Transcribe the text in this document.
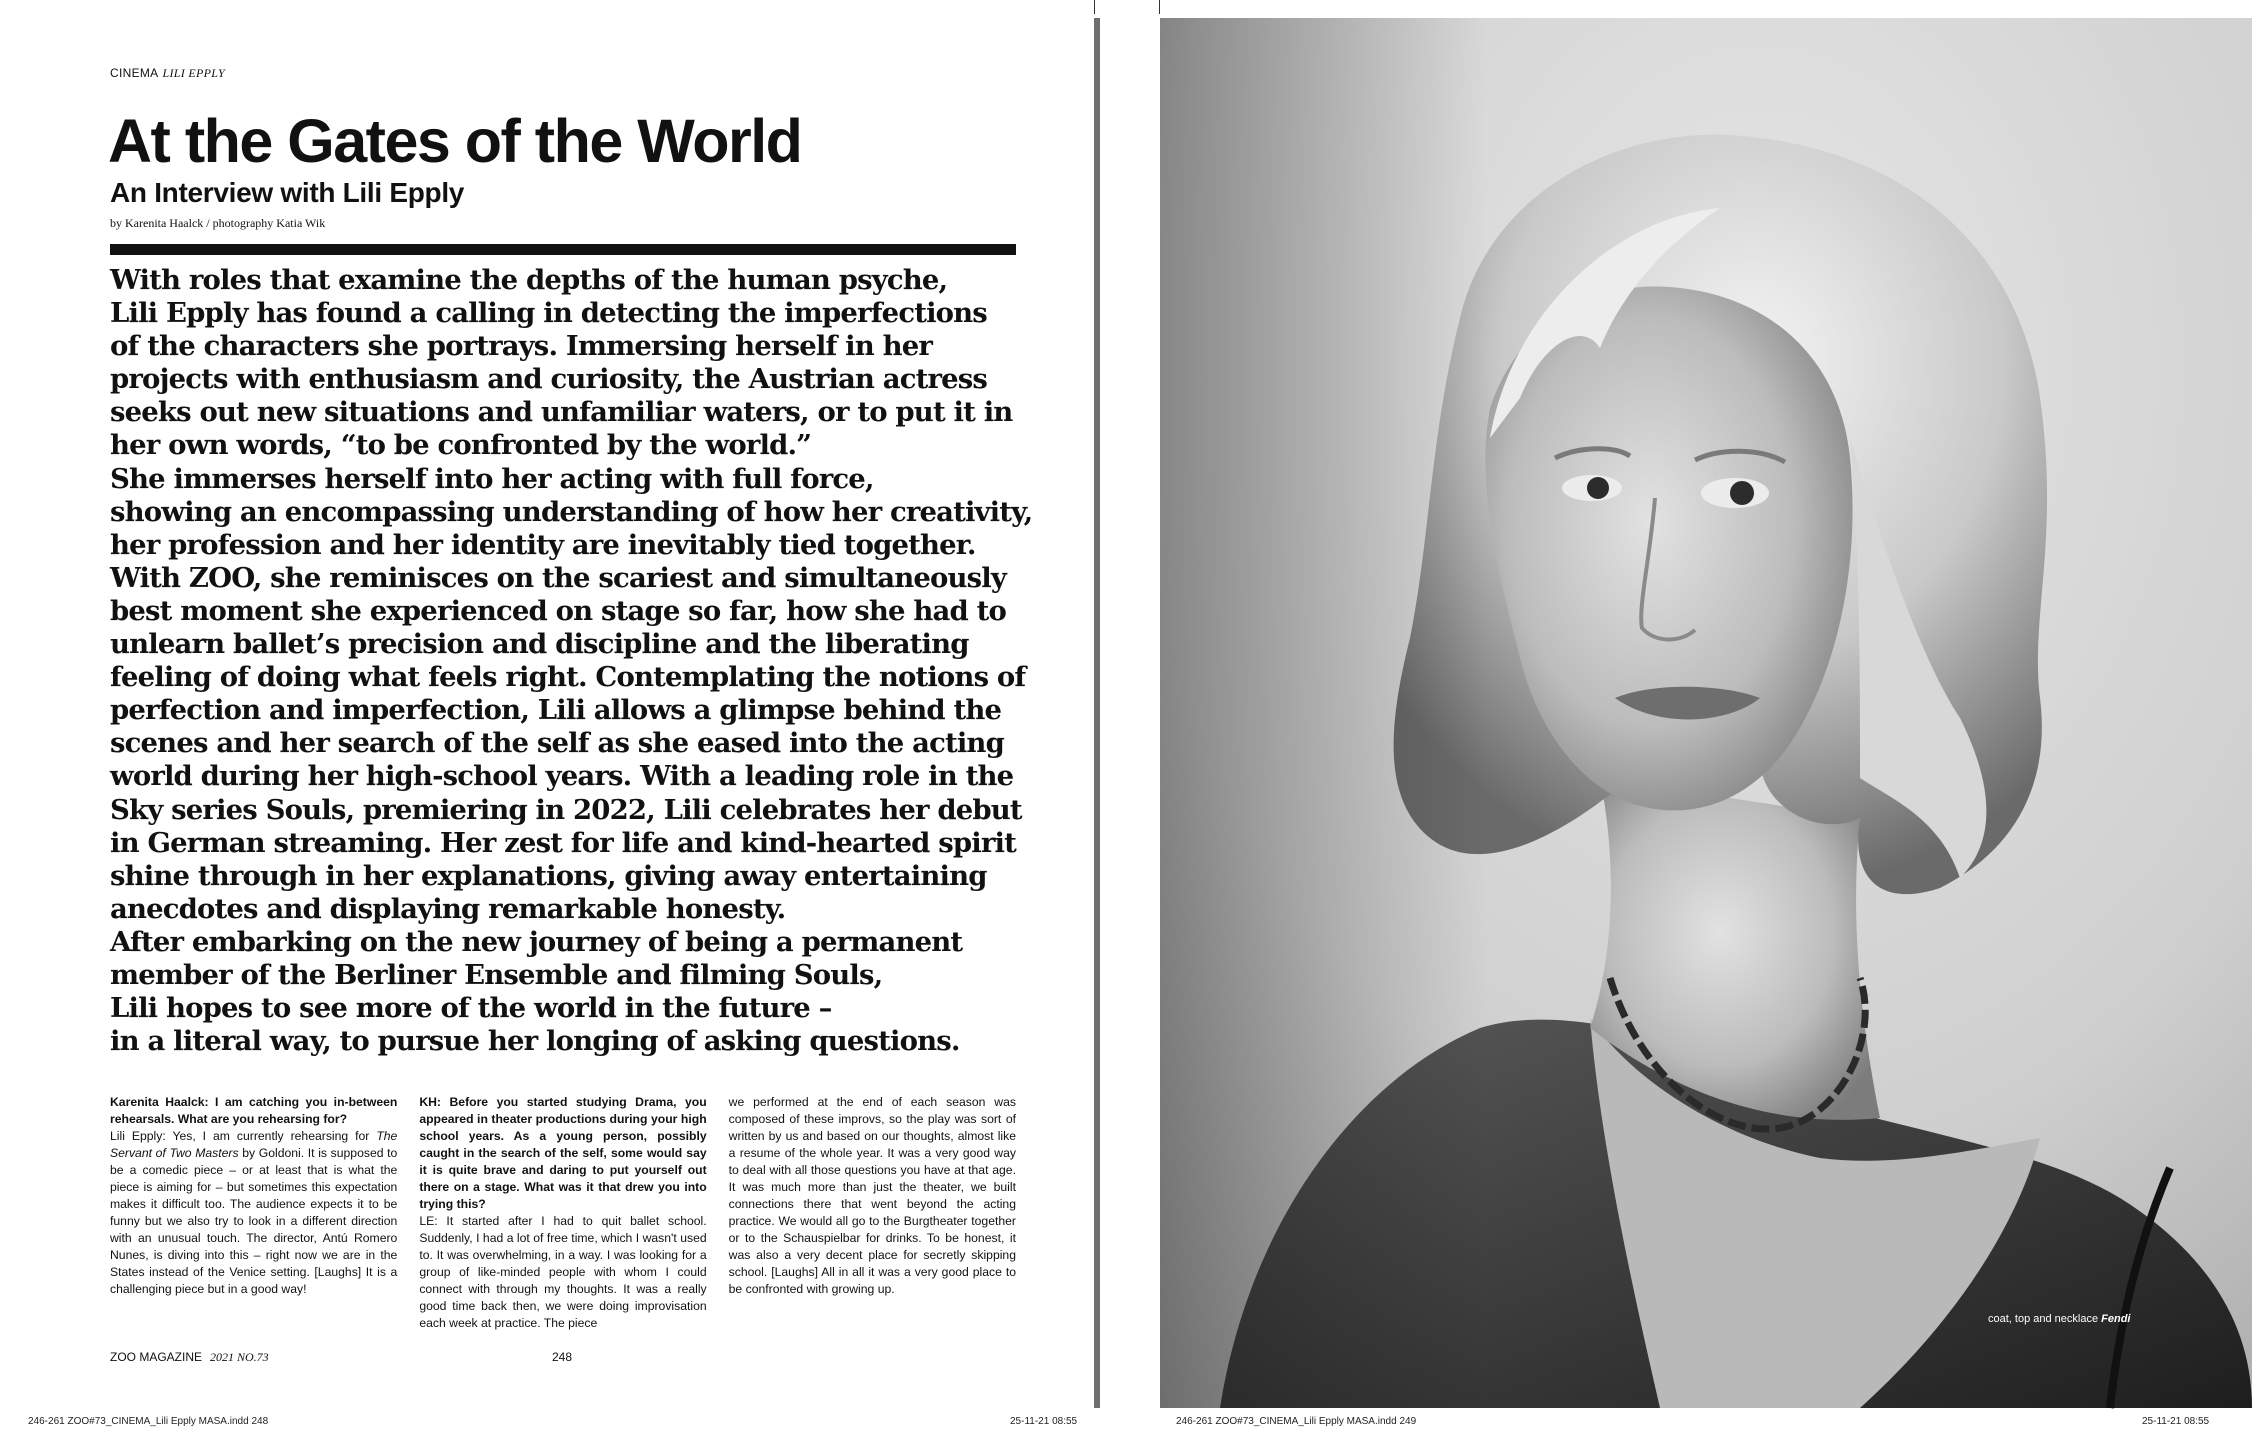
CINEMA LILI EPPLY
At the Gates of the World
An Interview with Lili Epply
by Karenita Haalck / photography Katia Wik

With roles that examine the depths of the human psyche,

Lili Epply has found a calling in detecting the imperfections

of the characters she portrays. Immersing herself in her

projects with enthusiasm and curiosity, the Austrian actress

seeks out new situations and unfamiliar waters, or to put it in

her own words, “to be confronted by the world.”

She immerses herself into her acting with full force,

showing an encompassing understanding of how her creativity,

her profession and her identity are inevitably tied together.

With ZOO, she reminisces on the scariest and simultaneously

best moment she experienced on stage so far, how she had to

unlearn ballet’s precision and discipline and the liberating

feeling of doing what feels right. Contemplating the notions of

perfection and imperfection, Lili allows a glimpse behind the

scenes and her search of the self as she eased into the acting

world during her high-school years. With a leading role in the

Sky series Souls, premiering in 2022, Lili celebrates her debut

in German streaming. Her zest for life and kind-hearted spirit

shine through in her explanations, giving away entertaining

anecdotes and displaying remarkable honesty.

After embarking on the new journey of being a permanent

member of the Berliner Ensemble and filming Souls,

Lili hopes to see more of the world in the future –

in a literal way, to pursue her longing of asking questions.

Karenita Haalck: I am catching you in-between rehearsals. What are you rehearsing for?
Lili Epply: Yes, I am currently rehearsing for The Servant of Two Masters by Goldoni. It is supposed to be a comedic piece – or at least that is what the piece is aiming for – but sometimes this expectation makes it difficult too. The audience expects it to be funny but we also try to look in a different direction with an unusual touch. The director, Antú Romero Nunes, is diving into this – right now we are in the States instead of the Venice setting. [Laughs] It is a challenging piece but in a good way!

KH: Before you started studying Drama, you appeared in theater productions during your high school years. As a young person, possibly caught in the search of the self, some would say it is quite brave and daring to put yourself out there on a stage. What was it that drew you into trying this?
LE: It started after I had to quit ballet school. Suddenly, I had a lot of free time, which I wasn't used to. It was overwhelming, in a way. I was looking for a group of like-minded people with whom I could connect with through my thoughts. It was a really good time back then, we were doing improvisation each week at practice. The piece

we performed at the end of each season was composed of these improvs, so the play was sort of written by us and based on our thoughts, almost like a resume of the whole year. It was a very good way to deal with all those questions you have at that age. It was much more than just the theater, we built connections there that went beyond the acting practice. We would all go to the Burgtheater together or to the Schauspielbar for drinks. To be honest, it was also a very decent place for secretly skipping school. [Laughs] All in all it was a very good place to be confronted with growing up.

ZOO MAGAZINE 2021 NO.73	248
246-261 ZOO#73_CINEMA_Lili Epply MASA.indd 248	25-11-21 08:55
coat, top and necklace Fendi
246-261 ZOO#73_CINEMA_Lili Epply MASA.indd 249	25-11-21 08:55
